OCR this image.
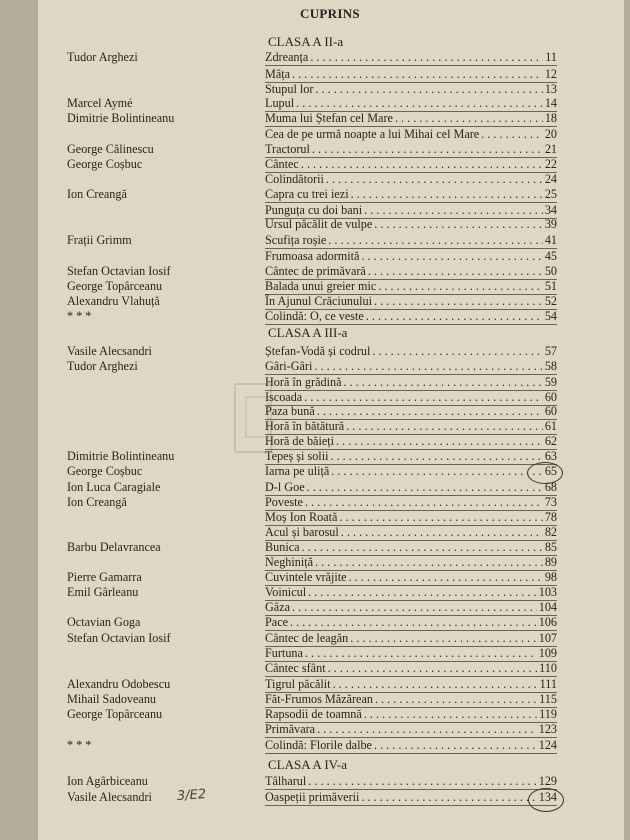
CUPRINS
CLASA A II-a
CLASA A III-a
CLASA A IV-a
Tudor Arghezi	Zdreanța . . .	11
Mâța . . .	12
Stupul lor . . .	13
Marcel Aymé	Lupul . . .	14
Dimitrie Bolintineanu	Muma lui Ștefan cel Mare . . .	18
Cea de pe urmă noapte a lui Mihai cel Mare . . .	20
George Călinescu	Tractorul . . .	21
George Coșbuc	Cântec . . .	22
Colindătorii . . .	24
Ion Creangă	Capra cu trei iezi . . .	25
Punguța cu doi bani . . .	34
Ursul păcălit de vulpe . . .	39
Frații Grimm	Scufița roșie . . .	41
Frumoasa adormită . . .	45
Stefan Octavian Iosif	Cântec de primăvară . . .	50
George Topârceanu	Balada unui greier mic . . .	51
Alexandru Vlahuță	În Ajunul Crăciunului . . .	52
* * *	Colindă: O, ce veste . . .	54
Vasile Alecsandri	Ștefan-Vodă și codrul . . .	57
Tudor Arghezi	Gâri-Gâri . . .	58
Horă în grădină . . .	59
Iscoada . . .	60
Paza bună . . .	60
Horă în bătătură . . .	61
Horă de băieți . . .	62
Dimitrie Bolintineanu	Tepeș și solii . . .	63
George Coșbuc	Iarna pe uliță . . .	65
Ion Luca Caragiale	D-l Goe . . .	68
Ion Creangă	Poveste . . .	73
Moș Ion Roată . . .	78
Acul și barosul . . .	82
Barbu Delavrancea	Bunica . . .	85
Neghiniță . . .	89
Pierre Gamarra	Cuvintele vrăjite . . .	98
Emil Gârleanu	Voinicul . . .	103
Gâza . . .	104
Octavian Goga	Pace . . .	106
Stefan Octavian Iosif	Cântec de leagăn . . .	107
Furtuna . . .	109
Cântec sfânt . . .	110
Alexandru Odobescu	Tigrul păcălit . . .	111
Mihail Sadoveanu	Făt-Frumos Măzărean . . .	115
George Topârceanu	Rapsodii de toamnă . . .	119
Primăvara . . .	123
* * *	Colindă: Florile dalbe . . .	124
Ion Agârbiceanu	Tâlharul . . .	129
Vasile Alecsandri	Oaspeții primăverii . . .	134
3/E2
